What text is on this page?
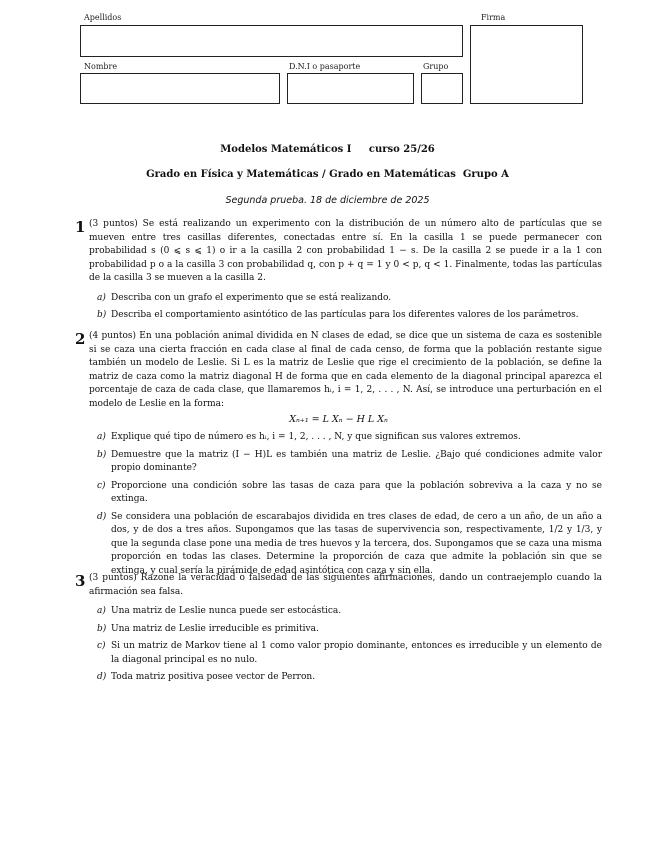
Apellidos	Firma
Nombre	D.N.I o pasaporte	Grupo
Modelos Matemáticos I     curso 25/26
Grado en Física y Matemáticas / Grado en Matemáticas  Grupo A
Segunda prueba. 18 de diciembre de 2025
1 (3 puntos) Se está realizando un experimento con la distribución de un número alto de partículas que se mueven entre tres casillas diferentes, conectadas entre sí. En la casilla 1 se puede permanecer con probabilidad s (0 ⩽ s ⩽ 1) o ir a la casilla 2 con probabilidad 1 − s. De la casilla 2 se puede ir a la 1 con probabilidad p o a la casilla 3 con probabilidad q, con p + q = 1 y 0 < p, q < 1. Finalmente, todas las partículas de la casilla 3 se mueven a la casilla 2.
a) Describa con un grafo el experimento que se está realizando.
b) Describa el comportamiento asintótico de las partículas para los diferentes valores de los parámetros.
2 (4 puntos) En una población animal dividida en N clases de edad, se dice que un sistema de caza es sostenible si se caza una cierta fracción en cada clase al final de cada censo, de forma que la población restante sigue también un modelo de Leslie. Si L es la matriz de Leslie que rige el crecimiento de la población, se define la matriz de caza como la matriz diagonal H de forma que en cada elemento de la diagonal principal aparezca el porcentaje de caza de cada clase, que llamaremos hᵢ, i = 1, 2, . . . , N. Así, se introduce una perturbación en el modelo de Leslie en la forma:
Xₙ₊₁ = L Xₙ − H L Xₙ
a) Explique qué tipo de número es hᵢ, i = 1, 2, . . . , N, y que significan sus valores extremos.
b) Demuestre que la matriz (I − H)L es también una matriz de Leslie. ¿Bajo qué condiciones admite valor propio dominante?
c) Proporcione una condición sobre las tasas de caza para que la población sobreviva a la caza y no se extinga.
d) Se considera una población de escarabajos dividida en tres clases de edad, de cero a un año, de un año a dos, y de dos a tres años. Supongamos que las tasas de supervivencia son, respectivamente, 1/2 y 1/3, y que la segunda clase pone una media de tres huevos y la tercera, dos. Supongamos que se caza una misma proporción en todas las clases. Determine la proporción de caza que admite la población sin que se extinga, y cual sería la pirámide de edad asintótica con caza y sin ella.
3 (3 puntos) Razone la veracidad o falsedad de las siguientes afirmaciones, dando un contraejemplo cuando la afirmación sea falsa.
a) Una matriz de Leslie nunca puede ser estocástica.
b) Una matriz de Leslie irreducible es primitiva.
c) Si un matriz de Markov tiene al 1 como valor propio dominante, entonces es irreducible y un elemento de la diagonal principal es no nulo.
d) Toda matriz positiva posee vector de Perron.
